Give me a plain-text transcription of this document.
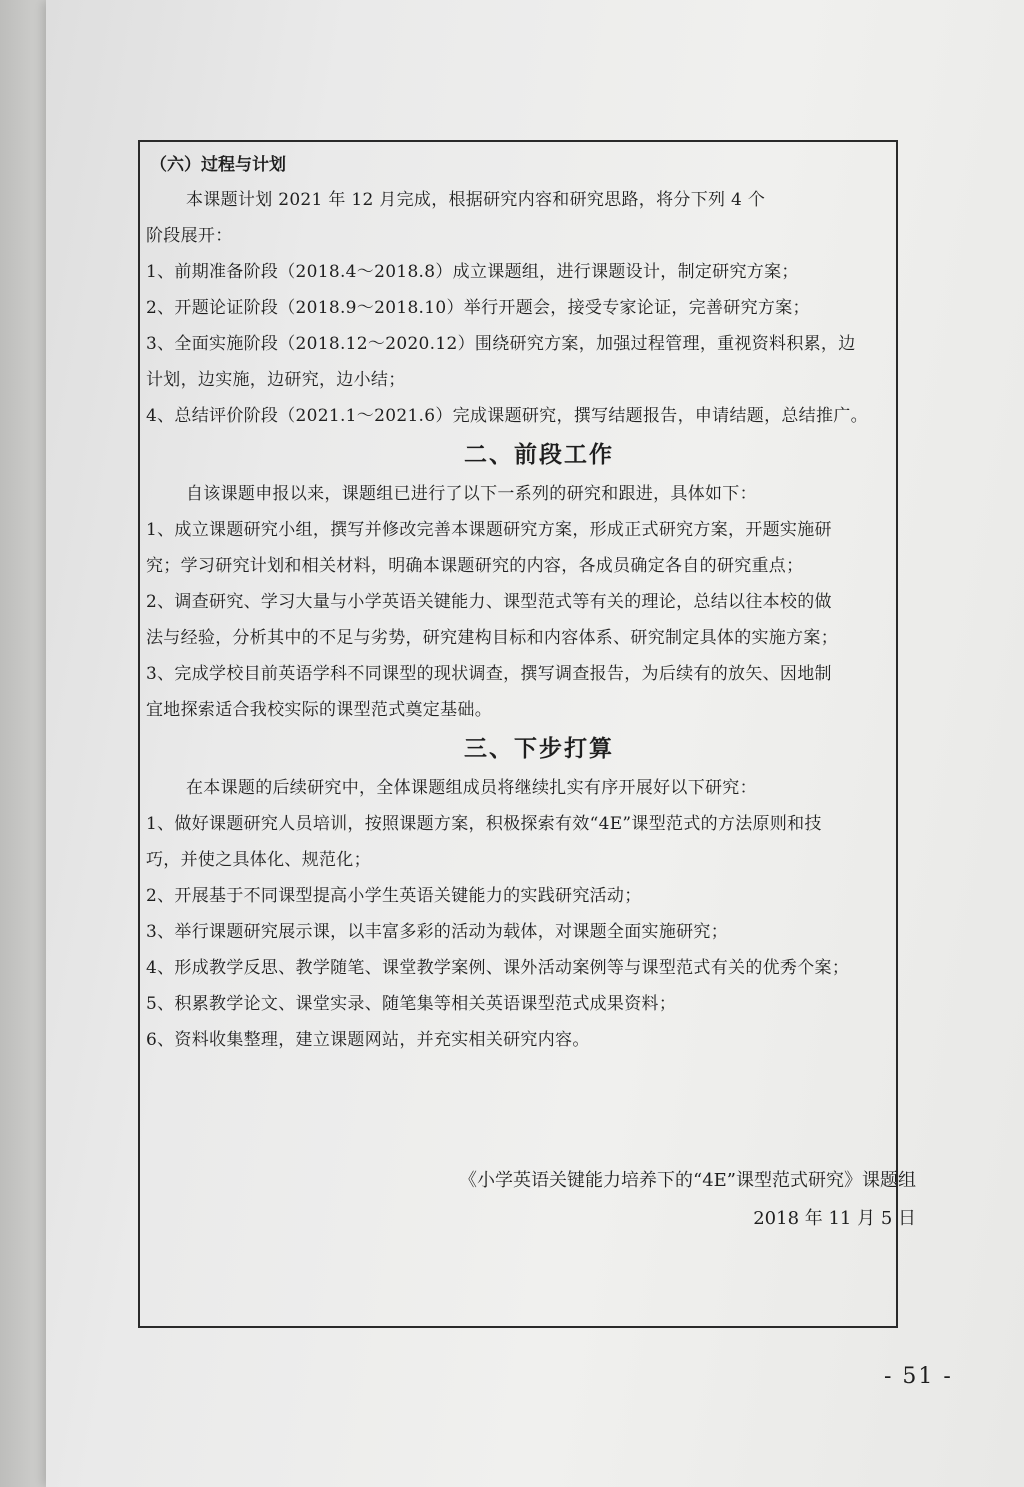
（六）过程与计划
本课题计划 2021 年 12 月完成，根据研究内容和研究思路，将分下列 4 个
阶段展开：
1、前期准备阶段（2018.4～2018.8）成立课题组，进行课题设计，制定研究方案；
2、开题论证阶段（2018.9～2018.10）举行开题会，接受专家论证，完善研究方案；
3、全面实施阶段（2018.12～2020.12）围绕研究方案，加强过程管理，重视资料积累，边
计划，边实施，边研究，边小结；
4、总结评价阶段（2021.1～2021.6）完成课题研究，撰写结题报告，申请结题，总结推广。
二、前段工作
自该课题申报以来，课题组已进行了以下一系列的研究和跟进，具体如下：
1、成立课题研究小组，撰写并修改完善本课题研究方案，形成正式研究方案，开题实施研
究；学习研究计划和相关材料，明确本课题研究的内容，各成员确定各自的研究重点；
2、调查研究、学习大量与小学英语关键能力、课型范式等有关的理论，总结以往本校的做
法与经验，分析其中的不足与劣势，研究建构目标和内容体系、研究制定具体的实施方案；
3、完成学校目前英语学科不同课型的现状调查，撰写调查报告，为后续有的放矢、因地制
宜地探索适合我校实际的课型范式奠定基础。
三、下步打算
在本课题的后续研究中，全体课题组成员将继续扎实有序开展好以下研究：
1、做好课题研究人员培训，按照课题方案，积极探索有效“4E”课型范式的方法原则和技
巧，并使之具体化、规范化；
2、开展基于不同课型提高小学生英语关键能力的实践研究活动；
3、举行课题研究展示课，以丰富多彩的活动为载体，对课题全面实施研究；
4、形成教学反思、教学随笔、课堂教学案例、课外活动案例等与课型范式有关的优秀个案；
5、积累教学论文、课堂实录、随笔集等相关英语课型范式成果资料；
6、资料收集整理，建立课题网站，并充实相关研究内容。
《小学英语关键能力培养下的“4E”课型范式研究》课题组
2018 年 11 月 5 日
- 51 -
